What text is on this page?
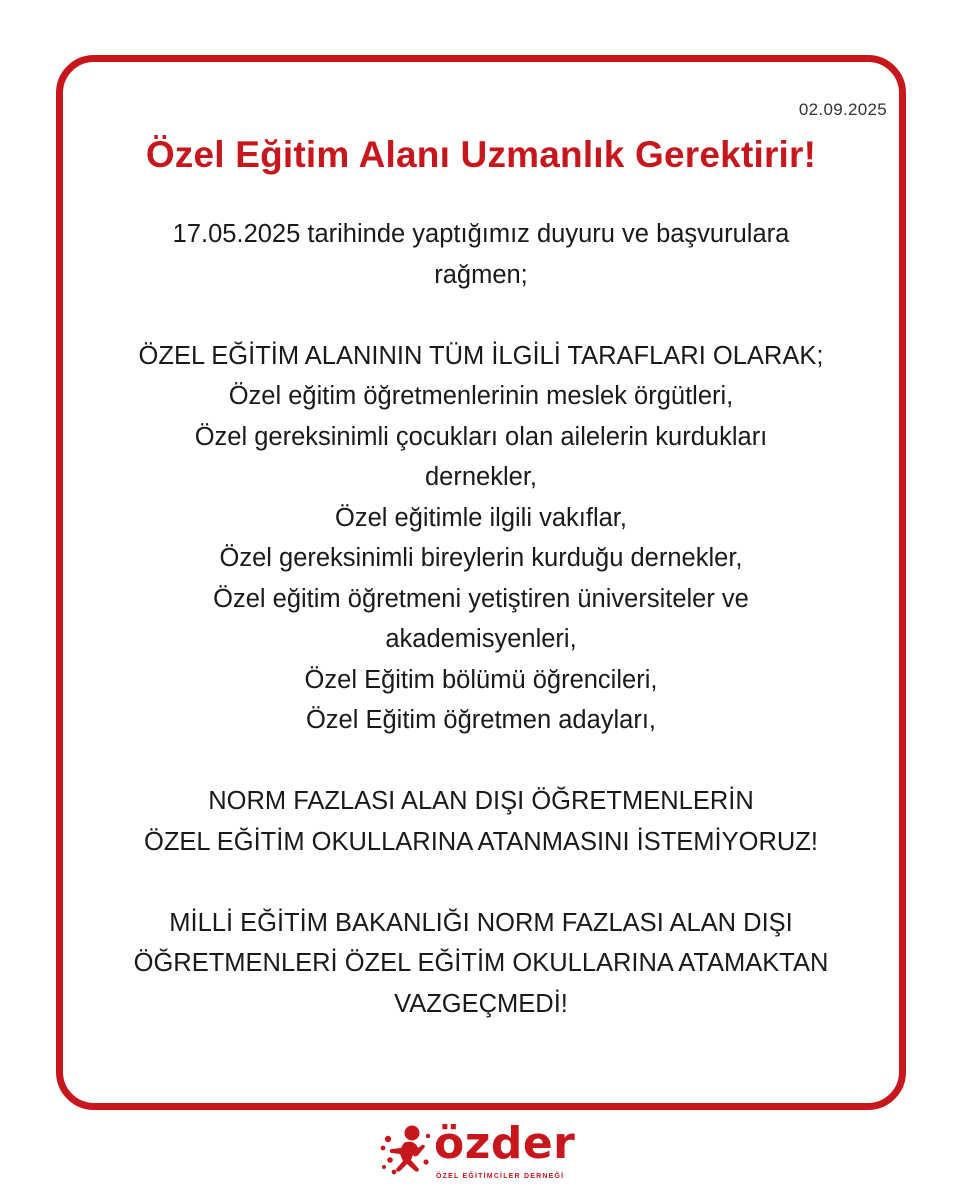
02.09.2025
Özel Eğitim Alanı Uzmanlık Gerektirir!
17.05.2025 tarihinde yaptığımız duyuru ve başvurulara
rağmen;
ÖZEL EĞİTİM ALANININ TÜM İLGİLİ TARAFLARI OLARAK;
Özel eğitim öğretmenlerinin meslek örgütleri,
Özel gereksinimli çocukları olan ailelerin kurdukları
dernekler,
Özel eğitimle ilgili vakıflar,
Özel gereksinimli bireylerin kurduğu dernekler,
Özel eğitim öğretmeni yetiştiren üniversiteler ve
akademisyenleri,
Özel Eğitim bölümü öğrencileri,
Özel Eğitim öğretmen adayları,
NORM FAZLASI ALAN DIŞI ÖĞRETMENLERİN
ÖZEL EĞİTİM OKULLARINA ATANMASINI İSTEMİYORUZ!
MİLLİ EĞİTİM BAKANLIĞI NORM FAZLASI ALAN DIŞI
ÖĞRETMENLERİ ÖZEL EĞİTİM OKULLARINA ATAMAKTAN
VAZGEÇMEDİ!
özder
ÖZEL EĞİTİMCİLER DERNEĞİ
